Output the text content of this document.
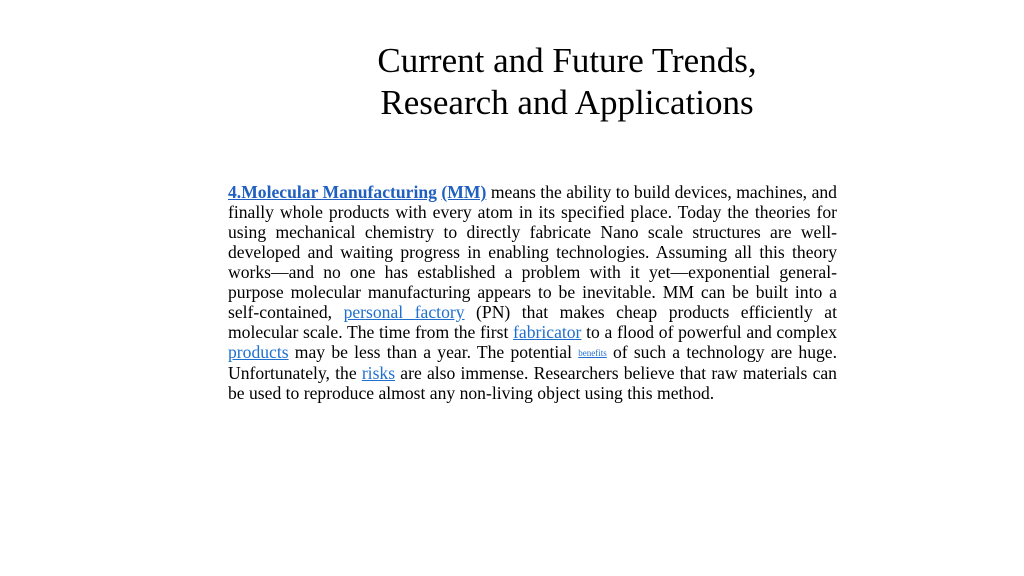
Current and Future Trends,
Research and Applications

4.Molecular Manufacturing (MM) means the ability to build devices, machines, and finally whole products with every atom in its specified place. Today the theories for using mechanical chemistry to directly fabricate Nano scale structures are well-developed and waiting progress in enabling technologies. Assuming all this theory works—and no one has established a problem with it yet—exponential general-purpose molecular manufacturing appears to be inevitable. MM can be built into a self-contained, personal factory (PN) that makes cheap products efficiently at molecular scale. The time from the first fabricator to a flood of powerful and complex products may be less than a year. The potential benefits of such a technology are huge. Unfortunately, the risks are also immense. Researchers believe that raw materials can be used to reproduce almost any non-living object using this method.
